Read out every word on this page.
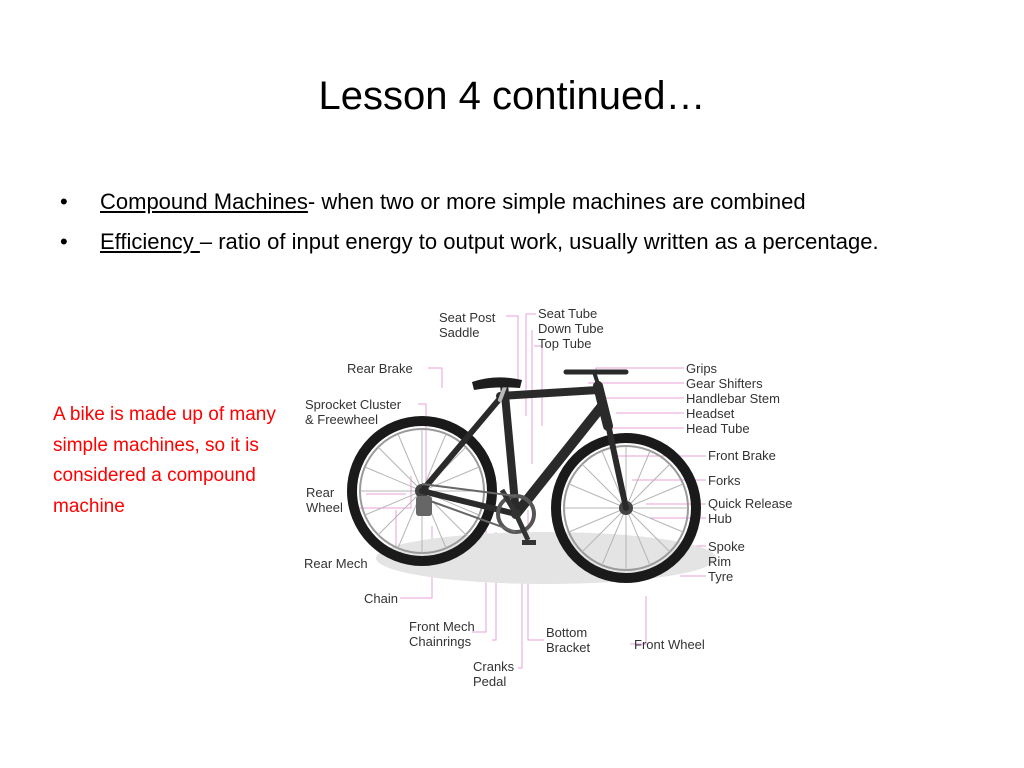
Lesson 4 continued…
• Compound Machines- when two or more simple machines are combined
• Efficiency – ratio of input energy to output work, usually written as a percentage.
A bike is made up of many simple machines, so it is considered a compound machine
Seat Post
Saddle
Seat Tube
Down Tube
Top Tube
Rear Brake
Sprocket Cluster
& Freewheel
Rear
Wheel
Rear Mech
Chain
Front Mech
Chainrings
Cranks
Pedal
Bottom
Bracket	Front Wheel
Grips
Gear Shifters
Handlebar Stem
Headset
Head Tube
Front Brake
Forks
Quick Release
Hub
Spoke
Rim
Tyre
